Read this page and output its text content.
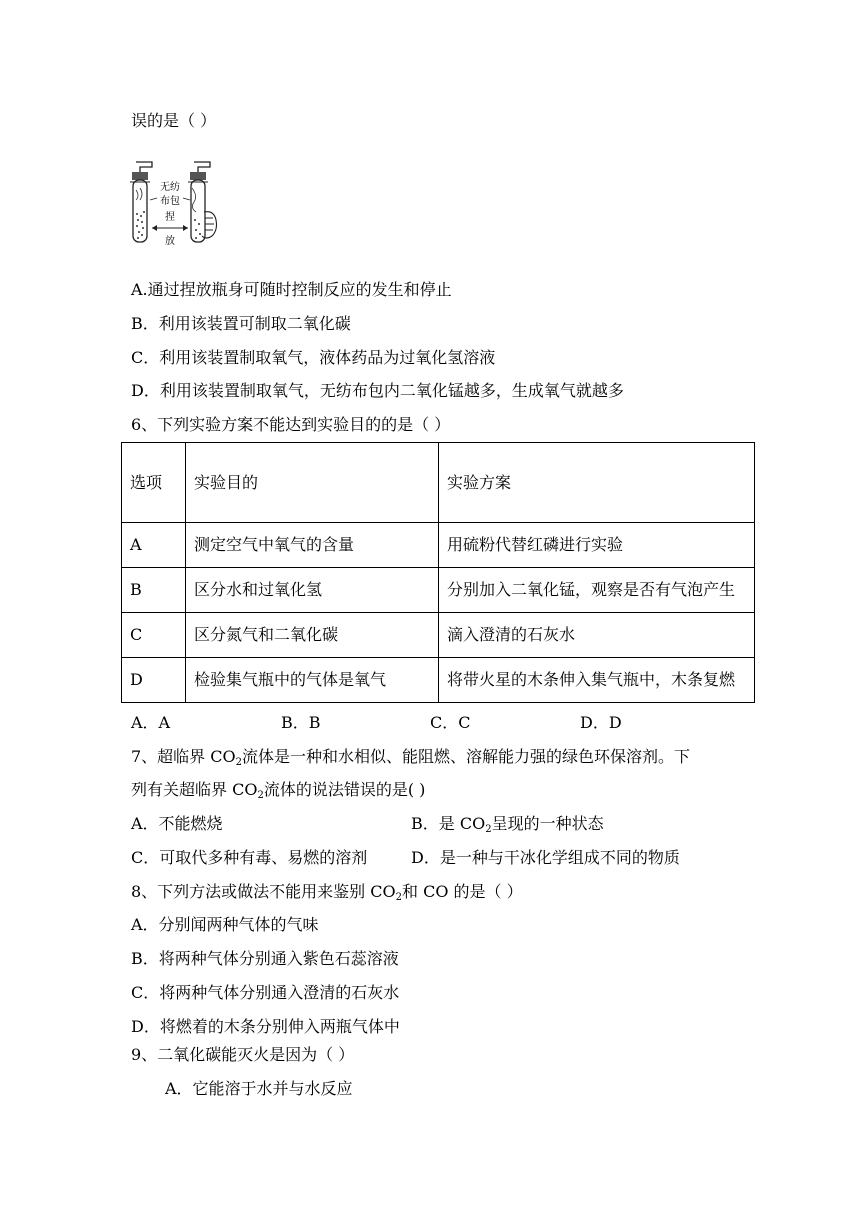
误的是（ ）
无纺
布包
捏
放
A.通过捏放瓶身可随时控制反应的发生和停止
B．利用该装置可制取二氧化碳
C．利用该装置制取氧气，液体药品为过氧化氢溶液
D．利用该装置制取氧气，无纺布包内二氧化锰越多，生成氧气就越多
6、下列实验方案不能达到实验目的的是（ ）
选项	实验目的	实验方案
A	测定空气中氧气的含量	用硫粉代替红磷进行实验
B	区分水和过氧化氢	分别加入二氧化锰，观察是否有气泡产生
C	区分氮气和二氧化碳	滴入澄清的石灰水
D	检验集气瓶中的气体是氧气	将带火星的木条伸入集气瓶中，木条复燃
A．A	B．B	C．C	D．D
7、超临界 $CO_2$流体是一种和水相似、能阻燃、溶解能力强的绿色环保溶剂。下
列有关超临界 $CO_2$流体的说法错误的是( )
A．不能燃烧	B．是 $CO_2$呈现的一种状态
C．可取代多种有毒、易燃的溶剂	D．是一种与干冰化学组成不同的物质
8、下列方法或做法不能用来鉴别 $CO_2$和 CO 的是（ ）
A．分别闻两种气体的气味
B．将两种气体分别通入紫色石蕊溶液
C．将两种气体分别通入澄清的石灰水
D．将燃着的木条分别伸入两瓶气体中
9、二氧化碳能灭火是因为（ ）
A．它能溶于水并与水反应
